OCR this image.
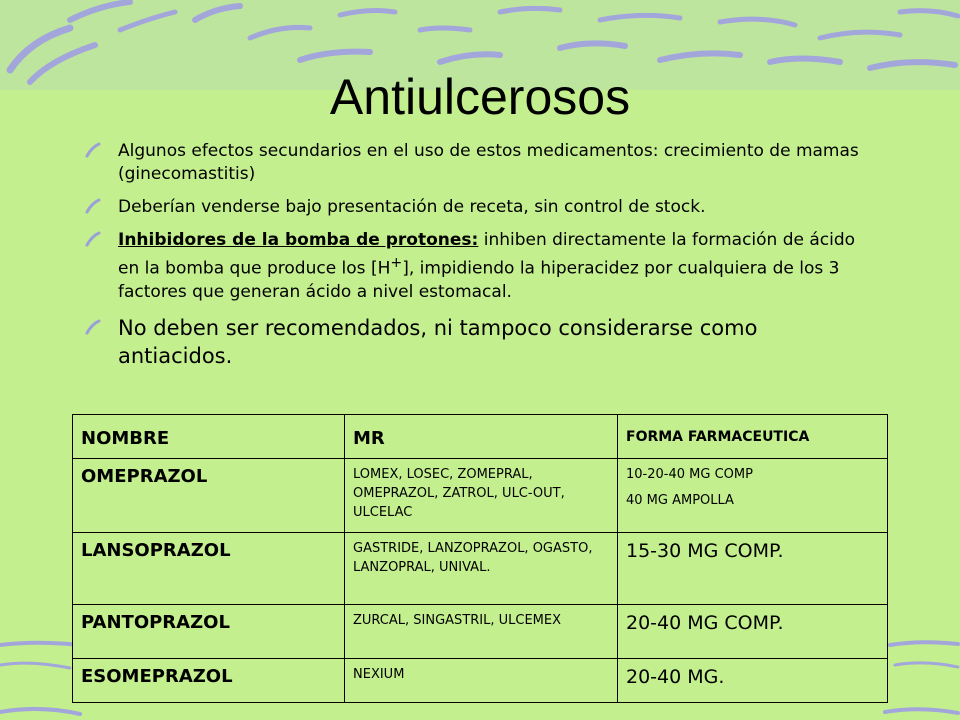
Antiulcerosos
Algunos efectos secundarios en el uso de estos medicamentos: crecimiento de mamas (ginecomastitis)
Deberían venderse bajo presentación de receta, sin control de stock.
Inhibidores de la bomba de protones: inhiben directamente la formación de ácido en la bomba que produce los [H+], impidiendo la hiperacidez por cualquiera de los 3 factores que generan ácido a nivel estomacal.
No deben ser recomendados, ni tampoco considerarse como antiacidos.
NOMBRE	MR	FORMA FARMACEUTICA
OMEPRAZOL	LOMEX, LOSEC, ZOMEPRAL, OMEPRAZOL, ZATROL, ULC-OUT, ULCELAC	10-20-40 MG COMP
40 MG AMPOLLA

LANSOPRAZOL	GASTRIDE, LANZOPRAZOL, OGASTO, LANZOPRAL, UNIVAL.	15-30 MG COMP.
PANTOPRAZOL	ZURCAL, SINGASTRIL, ULCEMEX	20-40 MG COMP.
ESOMEPRAZOL	NEXIUM	20-40 MG.
